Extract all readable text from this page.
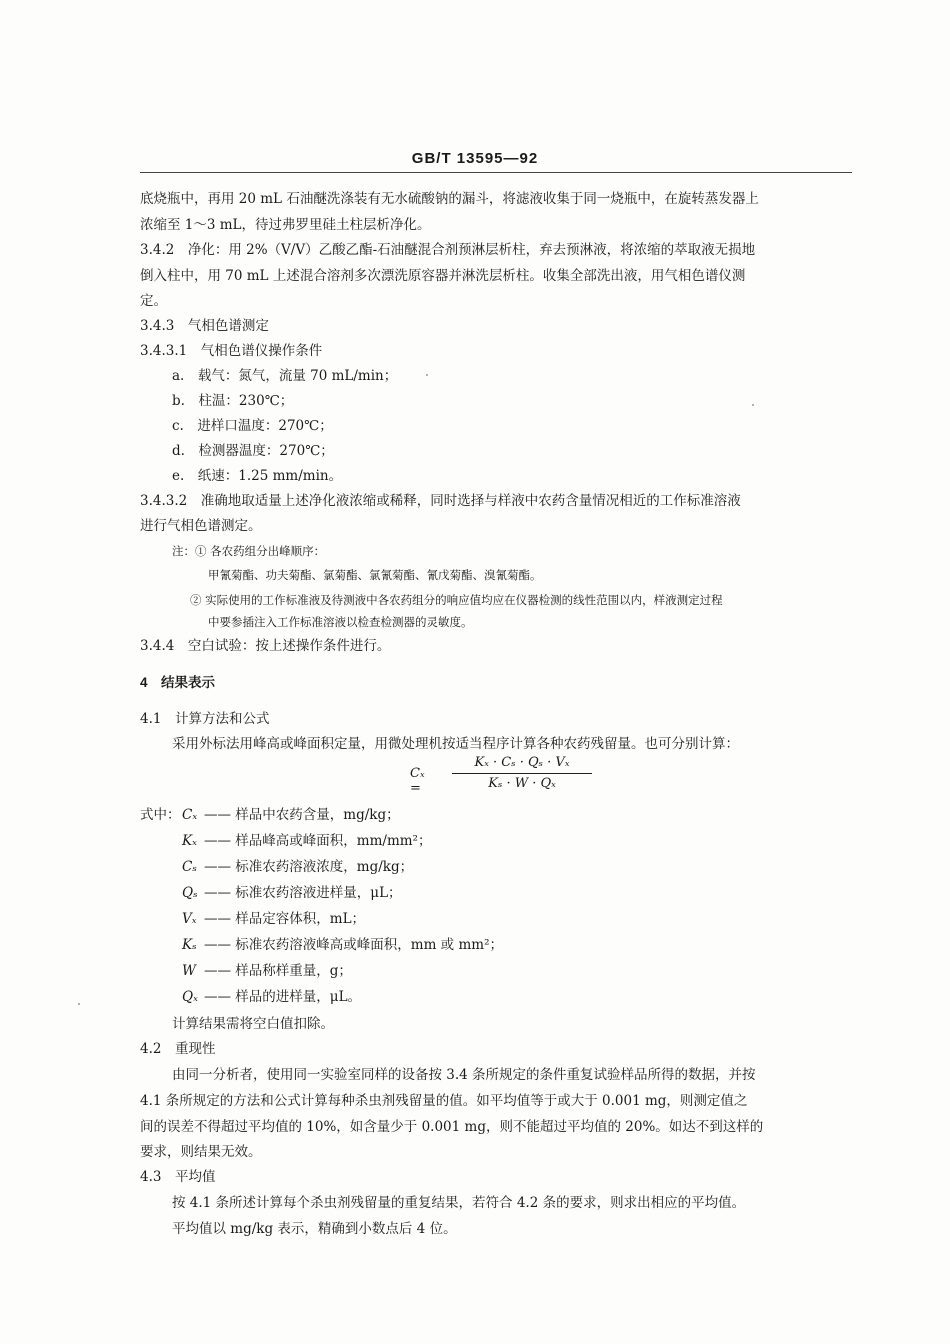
GB/T 13595—92
底烧瓶中，再用 20 mL 石油醚洗涤装有无水硫酸钠的漏斗，将滤液收集于同一烧瓶中，在旋转蒸发器上
浓缩至 1～3 mL，待过弗罗里硅土柱层析净化。
3.4.2　净化：用 2%（V/V）乙酸乙酯-石油醚混合剂预淋层析柱，弃去预淋液，将浓缩的萃取液无损地
倒入柱中，用 70 mL 上述混合溶剂多次漂洗原容器并淋洗层析柱。收集全部洗出液，用气相色谱仪测
定。
3.4.3　气相色谱测定
3.4.3.1　气相色谱仪操作条件
a.　载气：氮气，流量 70 mL/min；
b.　柱温：230℃；
c.　进样口温度：270℃；
d.　检测器温度：270℃；
e.　纸速：1.25 mm/min。
3.4.3.2　准确地取适量上述净化液浓缩或稀释，同时选择与样液中农药含量情况相近的工作标准溶液
进行气相色谱测定。
注：① 各农药组分出峰顺序：
甲氰菊酯、功夫菊酯、氯菊酯、氯氰菊酯、氰戊菊酯、溴氰菊酯。
② 实际使用的工作标准液及待测液中各农药组分的响应值均应在仪器检测的线性范围以内，样液测定过程
中要参插注入工作标准溶液以检查检测器的灵敏度。
3.4.4　空白试验：按上述操作条件进行。
4　结果表示
4.1　计算方法和公式
采用外标法用峰高或峰面积定量，用微处理机按适当程序计算各种农药残留量。也可分别计算：
Cₓ =
Kₓ · Cₛ · Qₛ · Vₓ
Kₛ · W · Qₓ
式中： Cₓ —— 样品中农药含量，mg/kg；
Kₓ —— 样品峰高或峰面积，mm/mm²；
Cₛ —— 标准农药溶液浓度，mg/kg；
Qₛ —— 标准农药溶液进样量，μL；
Vₓ —— 样品定容体积，mL；
Kₛ —— 标准农药溶液峰高或峰面积，mm 或 mm²；
W —— 样品称样重量，g；
Qₓ —— 样品的进样量，μL。
计算结果需将空白值扣除。
4.2　重现性
由同一分析者，使用同一实验室同样的设备按 3.4 条所规定的条件重复试验样品所得的数据，并按
4.1 条所规定的方法和公式计算每种杀虫剂残留量的值。如平均值等于或大于 0.001 mg，则测定值之
间的误差不得超过平均值的 10%，如含量少于 0.001 mg，则不能超过平均值的 20%。如达不到这样的
要求，则结果无效。
4.3　平均值
按 4.1 条所述计算每个杀虫剂残留量的重复结果，若符合 4.2 条的要求，则求出相应的平均值。
平均值以 mg/kg 表示，精确到小数点后 4 位。
